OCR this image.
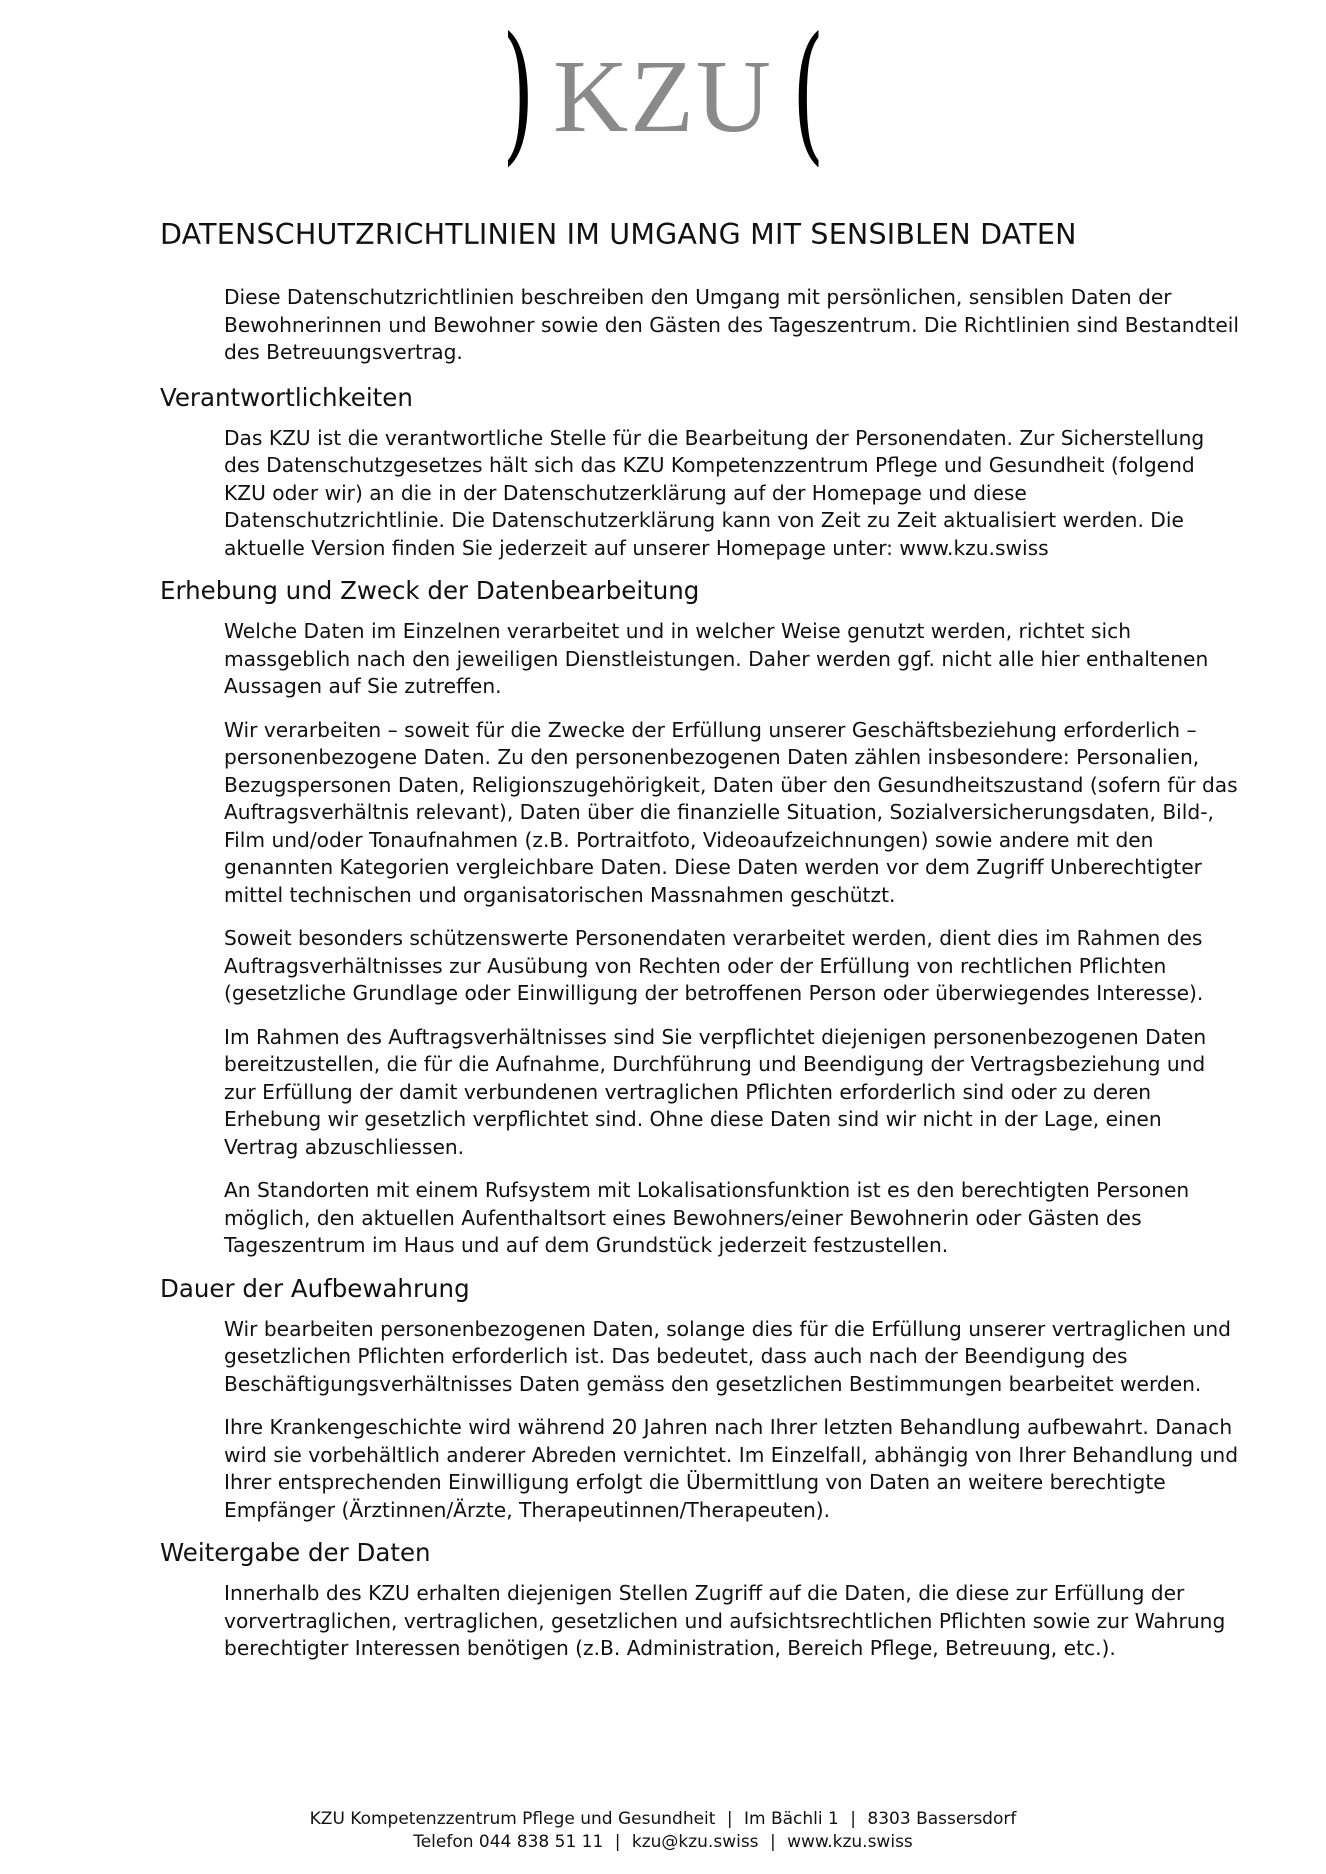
) KZU (
DATENSCHUTZRICHTLINIEN IM UMGANG MIT SENSIBLEN DATEN

Diese Datenschutzrichtlinien beschreiben den Umgang mit persönlichen, sensiblen Daten der Bewohnerinnen und Bewohner sowie den Gästen des Tageszentrum. Die Richtlinien sind Bestandteil des Betreuungsvertrag.

Verantwortlichkeiten

Das KZU ist die verantwortliche Stelle für die Bearbeitung der Personendaten. Zur Sicherstellung des Datenschutzgesetzes hält sich das KZU Kompetenzzentrum Pflege und Gesundheit (folgend KZU oder wir) an die in der Datenschutzerklärung auf der Homepage und diese Datenschutzrichtlinie. Die Datenschutzerklärung kann von Zeit zu Zeit aktualisiert werden. Die aktuelle Version finden Sie jederzeit auf unserer Homepage unter: www.kzu.swiss

Erhebung und Zweck der Datenbearbeitung

Welche Daten im Einzelnen verarbeitet und in welcher Weise genutzt werden, richtet sich massgeblich nach den jeweiligen Dienstleistungen. Daher werden ggf. nicht alle hier enthaltenen Aussagen auf Sie zutreffen.

Wir verarbeiten – soweit für die Zwecke der Erfüllung unserer Geschäftsbeziehung erforderlich – personenbezogene Daten. Zu den personenbezogenen Daten zählen insbesondere: Personalien, Bezugspersonen Daten, Religionszugehörigkeit, Daten über den Gesundheitszustand (sofern für das Auftragsverhältnis relevant), Daten über die finanzielle Situation, Sozialversicherungsdaten, Bild-, Film und/oder Tonaufnahmen (z.B. Portraitfoto, Videoaufzeichnungen) sowie andere mit den genannten Kategorien vergleichbare Daten. Diese Daten werden vor dem Zugriff Unberechtigter mittel technischen und organisatorischen Massnahmen geschützt.

Soweit besonders schützenswerte Personendaten verarbeitet werden, dient dies im Rahmen des Auftragsverhältnisses zur Ausübung von Rechten oder der Erfüllung von rechtlichen Pflichten (gesetzliche Grundlage oder Einwilligung der betroffenen Person oder überwiegendes Interesse).

Im Rahmen des Auftragsverhältnisses sind Sie verpflichtet diejenigen personenbezogenen Daten bereitzustellen, die für die Aufnahme, Durchführung und Beendigung der Vertragsbeziehung und zur Erfüllung der damit verbundenen vertraglichen Pflichten erforderlich sind oder zu deren Erhebung wir gesetzlich verpflichtet sind. Ohne diese Daten sind wir nicht in der Lage, einen Vertrag abzuschliessen.

An Standorten mit einem Rufsystem mit Lokalisationsfunktion ist es den berechtigten Personen möglich, den aktuellen Aufenthaltsort eines Bewohners/einer Bewohnerin oder Gästen des Tageszentrum im Haus und auf dem Grundstück jederzeit festzustellen.

Dauer der Aufbewahrung

Wir bearbeiten personenbezogenen Daten, solange dies für die Erfüllung unserer vertraglichen und gesetzlichen Pflichten erforderlich ist. Das bedeutet, dass auch nach der Beendigung des Beschäftigungsverhältnisses Daten gemäss den gesetzlichen Bestimmungen bearbeitet werden.

Ihre Krankengeschichte wird während 20 Jahren nach Ihrer letzten Behandlung aufbewahrt. Danach wird sie vorbehältlich anderer Abreden vernichtet. Im Einzelfall, abhängig von Ihrer Behandlung und Ihrer entsprechenden Einwilligung erfolgt die Übermittlung von Daten an weitere berechtigte Empfänger (Ärztinnen/Ärzte, Therapeutinnen/Therapeuten).

Weitergabe der Daten

Innerhalb des KZU erhalten diejenigen Stellen Zugriff auf die Daten, die diese zur Erfüllung der vorvertraglichen, vertraglichen, gesetzlichen und aufsichtsrechtlichen Pflichten sowie zur Wahrung berechtigter Interessen benötigen (z.B. Administration, Bereich Pflege, Betreuung, etc.).

KZU Kompetenzzentrum Pflege und Gesundheit | Im Bächli 1 | 8303 Bassersdorf
Telefon 044 838 51 11 | kzu@kzu.swiss | www.kzu.swiss
